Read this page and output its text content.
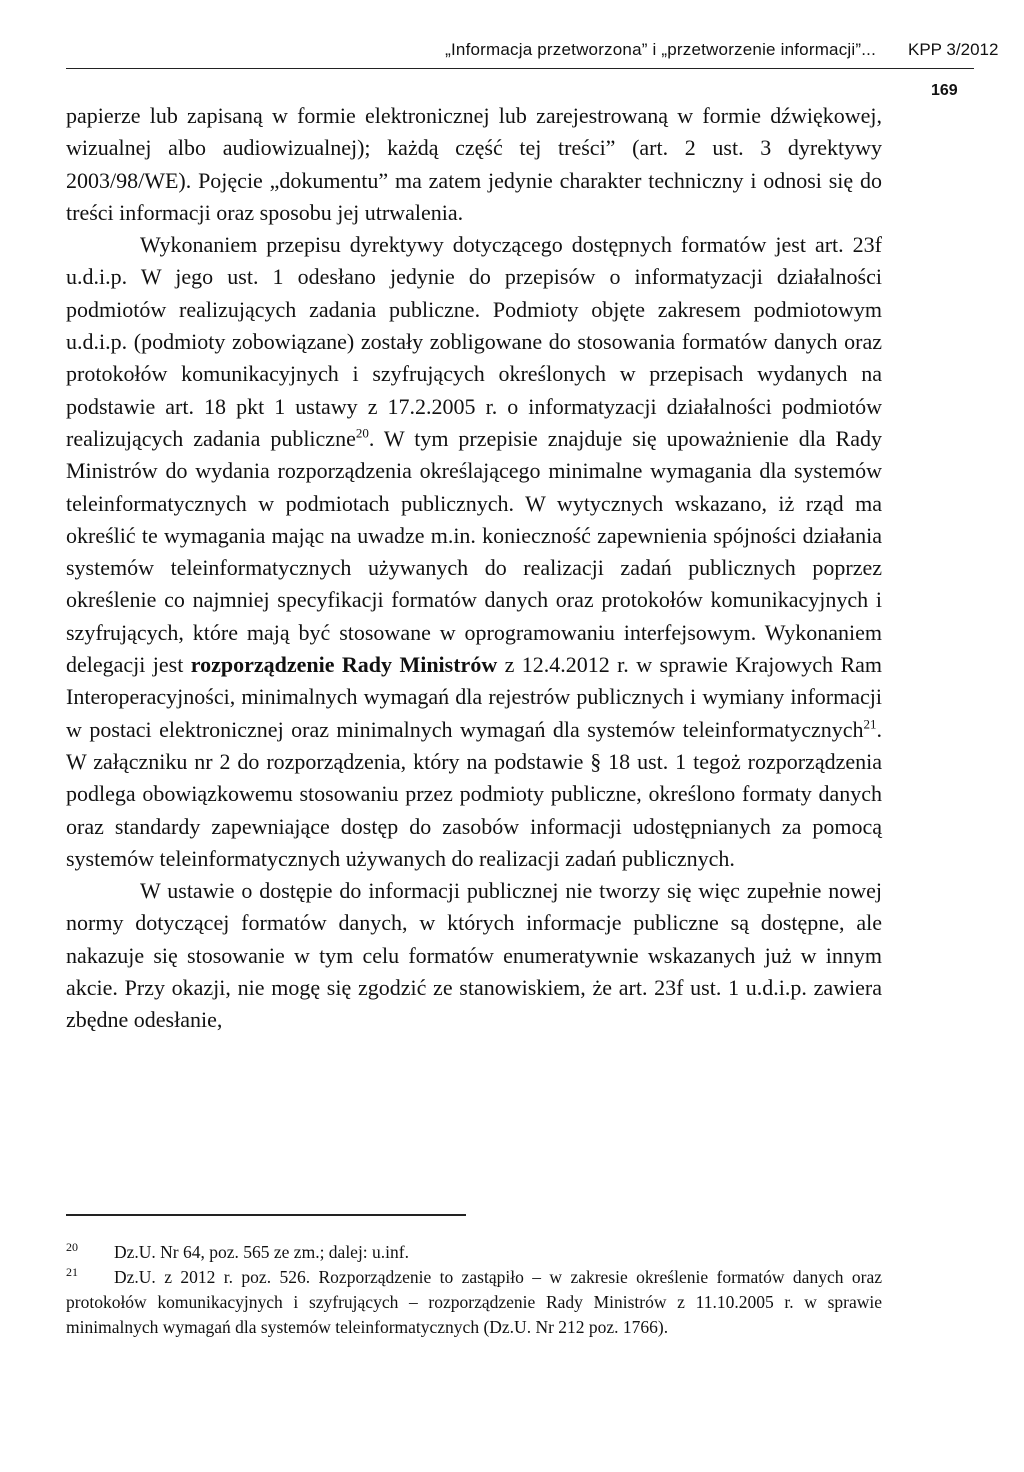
„Informacja przetworzona” i „przetworzenie informacji”... KPP 3/2012
169

papierze lub zapisaną w formie elektronicznej lub zarejestrowaną w formie dźwiękowej, wizualnej albo audiowizualnej); każdą część tej treści” (art. 2 ust. 3 dyrektywy 2003/98/WE). Pojęcie „dokumentu” ma zatem jedynie charakter techniczny i odnosi się do treści informacji oraz sposobu jej utrwalenia.

Wykonaniem przepisu dyrektywy dotyczącego dostępnych formatów jest art. 23f u.d.i.p. W jego ust. 1 odesłano jedynie do przepisów o informatyzacji działalności podmiotów realizujących zadania publiczne. Podmioty objęte zakresem podmiotowym u.d.i.p. (podmioty zobowiązane) zostały zobligowane do stosowania formatów danych oraz protokołów komunikacyjnych i szyfrujących określonych w przepisach wydanych na podstawie art. 18 pkt 1 ustawy z 17.2.2005 r. o informatyzacji działalności podmiotów realizujących zadania publiczne$^{20}$. W tym przepisie znajduje się upoważnienie dla Rady Ministrów do wydania rozporządzenia określającego minimalne wymagania dla systemów teleinformatycznych w podmiotach publicznych. W wytycznych wskazano, iż rząd ma określić te wymagania mając na uwadze m.in. konieczność zapewnienia spójności działania systemów teleinformatycznych używanych do realizacji zadań publicznych poprzez określenie co najmniej specyfikacji formatów danych oraz protokołów komunikacyjnych i szyfrujących, które mają być stosowane w oprogramowaniu interfejsowym. Wykonaniem delegacji jest rozporządzenie Rady Ministrów z 12.4.2012 r. w sprawie Krajowych Ram Interoperacyjności, minimalnych wymagań dla rejestrów publicznych i wymiany informacji w postaci elektronicznej oraz minimalnych wymagań dla systemów teleinformatycznych$^{21}$. W załączniku nr 2 do rozporządzenia, który na podstawie § 18 ust. 1 tegoż rozporządzenia podlega obowiązkowemu stosowaniu przez podmioty publiczne, określono formaty danych oraz standardy zapewniające dostęp do zasobów informacji udostępnianych za pomocą systemów teleinformatycznych używanych do realizacji zadań publicznych.

W ustawie o dostępie do informacji publicznej nie tworzy się więc zupełnie nowej normy dotyczącej formatów danych, w których informacje publiczne są dostępne, ale nakazuje się stosowanie w tym celu formatów enumeratywnie wskazanych już w innym akcie. Przy okazji, nie mogę się zgodzić ze stanowiskiem, że art. 23f ust. 1 u.d.i.p. zawiera zbędne odesłanie,

20 Dz.U. Nr 64, poz. 565 ze zm.; dalej: u.inf.

21 Dz.U. z 2012 r. poz. 526. Rozporządzenie to zastąpiło – w zakresie określenie formatów danych oraz protokołów komunikacyjnych i szyfrujących – rozporządzenie Rady Ministrów z 11.10.2005 r. w sprawie minimalnych wymagań dla systemów teleinformatycznych (Dz.U. Nr 212 poz. 1766).
